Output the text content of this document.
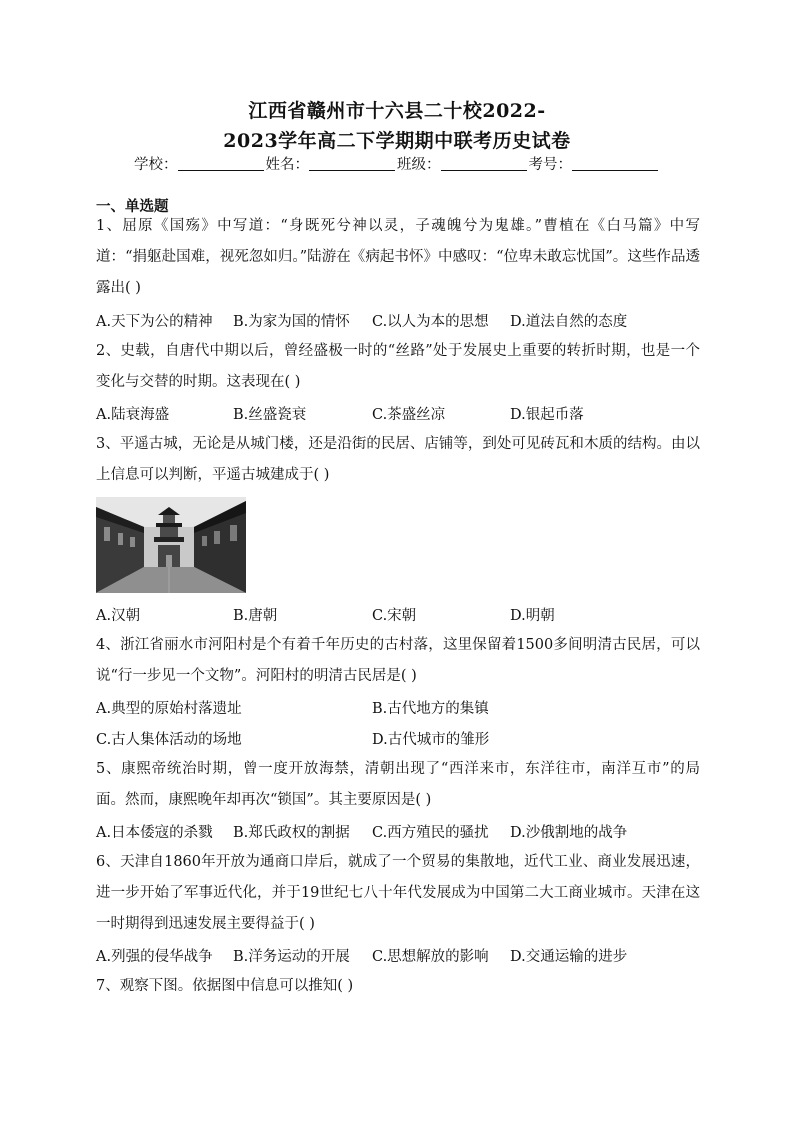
江西省赣州市十六县二十校2022-
2023学年高二下学期期中联考历史试卷
学校：	姓名：	班级：	考号：
一、单选题
1、屈原《国殇》中写道：“身既死兮神以灵，子魂魄兮为鬼雄。”曹植在《白马篇》中写道：“捐躯赴国难，视死忽如归。”陆游在《病起书怀》中感叹：“位卑未敢忘忧国”。这些作品透露出( )
A.天下为公的精神 B.为家为国的情怀 C.以人为本的思想 D.道法自然的态度
2、史载，自唐代中期以后，曾经盛极一时的“丝路”处于发展史上重要的转折时期，也是一个变化与交替的时期。这表现在( )
A.陆衰海盛	B.丝盛瓷衰	C.茶盛丝凉	D.银起币落
3、平遥古城，无论是从城门楼，还是沿街的民居、店铺等，到处可见砖瓦和木质的结构。由以上信息可以判断，平遥古城建成于( )
A.汉朝	B.唐朝	C.宋朝	D.明朝
4、浙江省丽水市河阳村是个有着千年历史的古村落，这里保留着1500多间明清古民居，可以说“行一步见一个文物”。河阳村的明清古民居是( )
A.典型的原始村落遗址	B.古代地方的集镇
C.古人集体活动的场地	D.古代城市的雏形
5、康熙帝统治时期，曾一度开放海禁，清朝出现了“西洋来市，东洋往市，南洋互市”的局面。然而，康熙晚年却再次“锁国”。其主要原因是( )
A.日本倭寇的杀戮 B.郑氏政权的割据 C.西方殖民的骚扰 D.沙俄割地的战争
6、天津自1860年开放为通商口岸后，就成了一个贸易的集散地，近代工业、商业发展迅速，进一步开始了军事近代化，并于19世纪七八十年代发展成为中国第二大工商业城市。天津在这一时期得到迅速发展主要得益于( )
A.列强的侵华战争 B.洋务运动的开展 C.思想解放的影响 D.交通运输的进步
7、观察下图。依据图中信息可以推知( )
